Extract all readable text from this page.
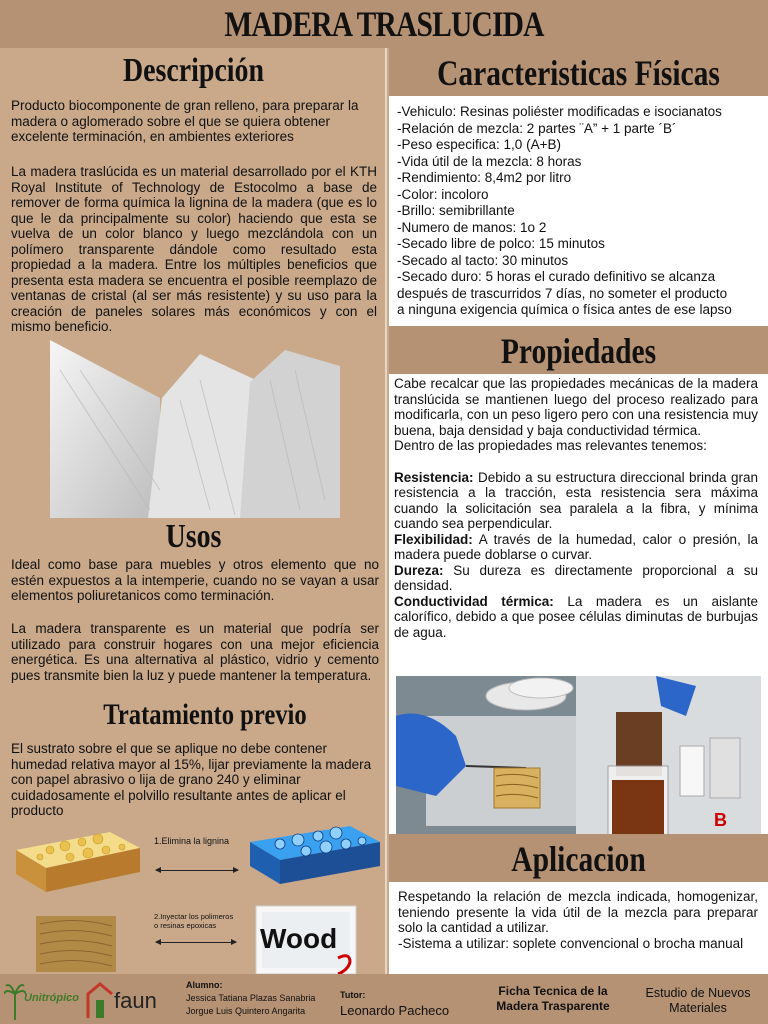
MADERA TRASLUCIDA
Descripción

Producto biocomponente de gran relleno, para preparar la madera o aglomerado sobre el que se quiera obtener excelente terminación, en ambientes exteriores

La madera traslúcida es un material desarrollado por el KTH Royal Institute of Technology de Estocolmo a base de remover de forma química la lignina de la madera (que es lo que le da principalmente su color) haciendo que esta se vuelva de un color blanco y luego mezclándola con un polímero transparente dándole como resultado esta propiedad a la madera. Entre los múltiples beneficios que presenta esta madera se encuentra el posible reemplazo de ventanas de cristal (al ser más resistente) y su uso para la creación de paneles solares más económicos y con el mismo beneficio.

Usos

Ideal como base para muebles y otros elemento que no estén expuestos a la intemperie, cuando no se vayan a usar elementos poliuretanicos como terminación.

La madera transparente es un material que podría ser utilizado para construir hogares con una mejor eficiencia energética. Es una alternativa al plástico, vidrio y cemento pues transmite bien la luz y puede mantener la temperatura.

Tratamiento previo

El sustrato sobre el que se aplique no debe contener humedad relativa mayor al 15%, lijar previamente la madera con papel abrasivo o lija de grano 240 y eliminar cuidadosamente el polvillo resultante antes de aplicar el producto

Wood
1.Elimina la lignina
2.Inyectar los polimeros
o resinas epoxicas
Caracteristicas Físicas

-Vehiculo: Resinas poliéster modificadas e isocianatos

-Relación de mezcla: 2 partes ¨A” + 1 parte ´B´

-Peso especifica: 1,0 (A+B)

-Vida útil de la mezcla: 8 horas

-Rendimiento: 8,4m2 por litro

-Color: incoloro

-Brillo: semibrillante

-Numero de manos: 1o 2

-Secado libre de polco: 15 minutos

-Secado al tacto: 30 minutos

-Secado duro: 5 horas el curado definitivo se alcanza

después de trascurridos 7 días, no someter el producto

a ninguna exigencia química o física antes de ese lapso

Propiedades

Cabe recalcar que las propiedades mecánicas de la madera translúcida se mantienen luego del proceso realizado para modificarla, con un peso ligero pero con una resistencia muy buena, baja densidad y baja conductividad térmica.

Dentro de las propiedades mas relevantes tenemos:

Resistencia: Debido a su estructura direccional brinda gran resistencia a la tracción, esta resistencia sera máxima cuando la solicitación sea paralela a la fibra, y mínima cuando sea perpendicular.

Flexibilidad: A través de la humedad, calor o presión, la madera puede doblarse o curvar.

Dureza: Su dureza es directamente proporcional a su densidad.

Conductividad térmica: La madera es un aislante calorífico, debido a que posee células diminutas de burbujas de agua.

B
Aplicacion

Respetando la relación de mezcla indicada, homogenizar, teniendo presente la vida útil de la mezcla para preparar solo la cantidad a utilizar.

-Sistema a utilizar: soplete convencional o brocha manual

Unitrópico faun
Alumno:
Jessica Tatiana Plazas Sanabria
Jorgue Luis Quintero Angarita
Tutor:
Leonardo Pacheco
Ficha Tecnica de la
Madera Trasparente
Estudio de Nuevos
Materiales
